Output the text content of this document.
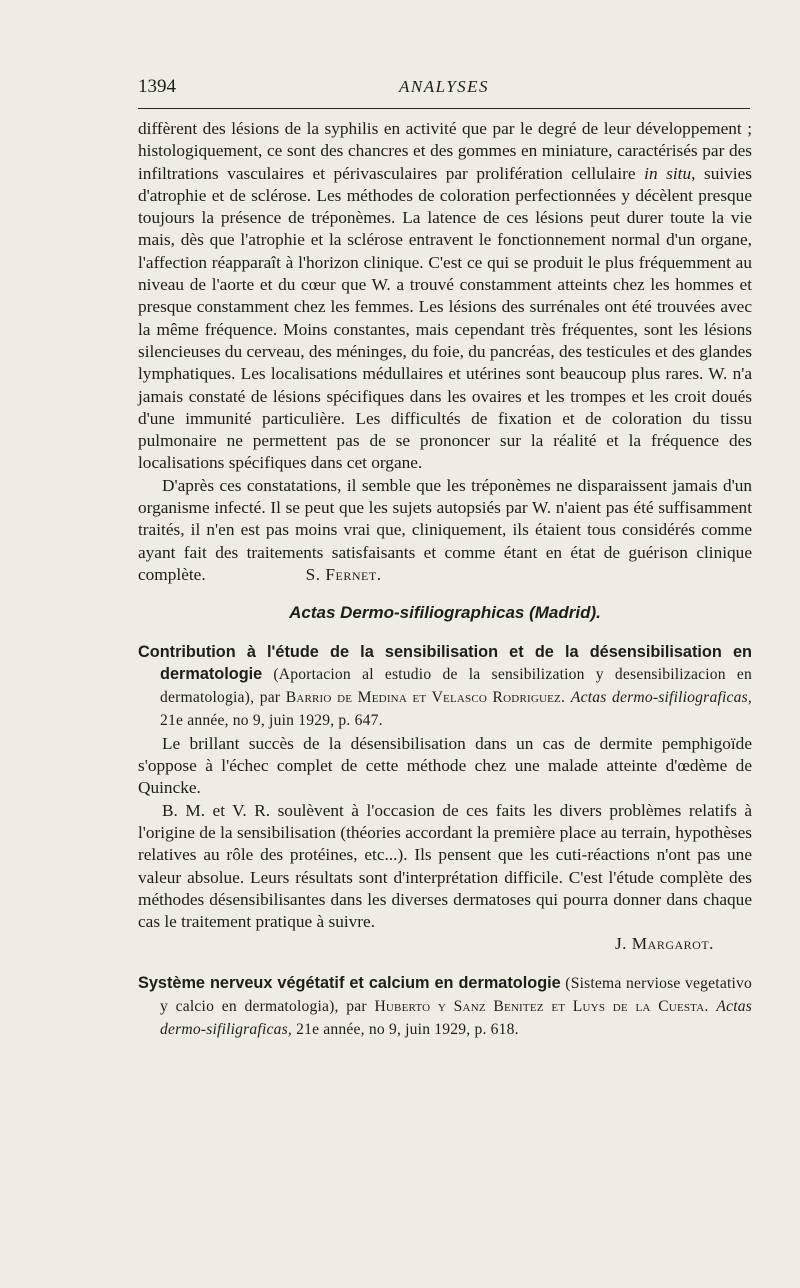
1394	ANALYSES

diffèrent des lésions de la syphilis en activité que par le degré de leur développement ; histologiquement, ce sont des chancres et des gommes en miniature, caractérisés par des infiltrations vasculaires et périvasculaires par prolifération cellulaire in situ, suivies d'atrophie et de sclérose. Les méthodes de coloration perfectionnées y décèlent presque toujours la présence de tréponèmes. La latence de ces lésions peut durer toute la vie mais, dès que l'atrophie et la sclérose entravent le fonctionnement normal d'un organe, l'affection réapparaît à l'horizon clinique. C'est ce qui se produit le plus fréquemment au niveau de l'aorte et du cœur que W. a trouvé constamment atteints chez les hommes et presque constamment chez les femmes. Les lésions des surrénales ont été trouvées avec la même fréquence. Moins constantes, mais cependant très fréquentes, sont les lésions silencieuses du cerveau, des méninges, du foie, du pancréas, des testicules et des glandes lymphatiques. Les localisations médullaires et utérines sont beaucoup plus rares. W. n'a jamais constaté de lésions spécifiques dans les ovaires et les trompes et les croit doués d'une immunité particulière. Les difficultés de fixation et de coloration du tissu pulmonaire ne permettent pas de se prononcer sur la réalité et la fréquence des localisations spécifiques dans cet organe.

D'après ces constatations, il semble que les tréponèmes ne disparaissent jamais d'un organisme infecté. Il se peut que les sujets autopsiés par W. n'aient pas été suffisamment traités, il n'en est pas moins vrai que, cliniquement, ils étaient tous considérés comme ayant fait des traitements satisfaisants et comme étant en état de guérison clinique complète.	S. Fernet.

Actas Dermo-sifiliographicas (Madrid).

Contribution à l'étude de la sensibilisation et de la désensibilisation en dermatologie (Aportacion al estudio de la sensibilization y desensibilizacion en dermatologia), par Barrio de Medina et Velasco Rodriguez. Actas dermo-sifiliograficas, 21e année, no 9, juin 1929, p. 647.

Le brillant succès de la désensibilisation dans un cas de dermite pemphigoïde s'oppose à l'échec complet de cette méthode chez une malade atteinte d'œdème de Quincke.

B. M. et V. R. soulèvent à l'occasion de ces faits les divers problèmes relatifs à l'origine de la sensibilisation (théories accordant la première place au terrain, hypothèses relatives au rôle des protéines, etc...). Ils pensent que les cuti-réactions n'ont pas une valeur absolue. Leurs résultats sont d'interprétation difficile. C'est l'étude complète des méthodes désensibilisantes dans les diverses dermatoses qui pourra donner dans chaque cas le traitement pratique à suivre.

J. Margarot.

Système nerveux végétatif et calcium en dermatologie (Sistema nerviose vegetativo y calcio en dermatologia), par Huberto y Sanz Benitez et Luys de la Cuesta. Actas dermo-sifiligraficas, 21e année, no 9, juin 1929, p. 618.
